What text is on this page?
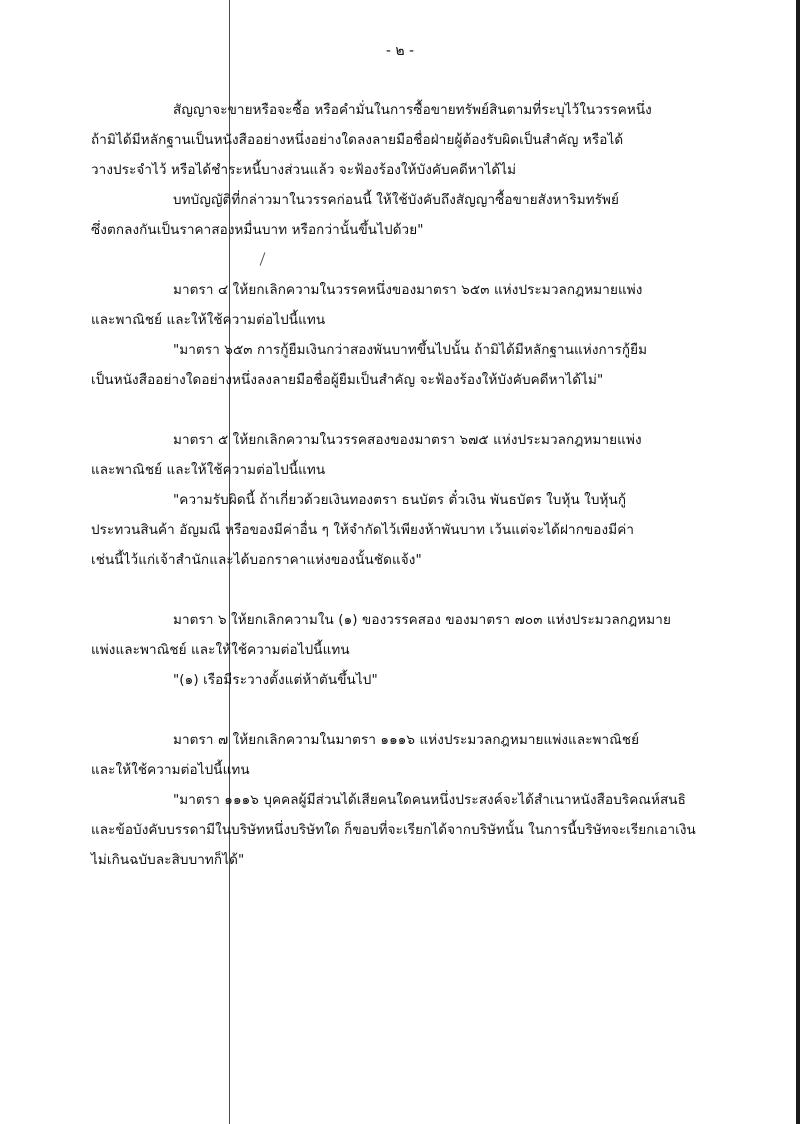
- ๒ -
สัญญาจะขายหรือจะซื้อ หรือคำมั่นในการซื้อขายทรัพย์สินตามที่ระบุไว้ในวรรคหนึ่ง
ถ้ามิได้มีหลักฐานเป็นหนังสืออย่างหนึ่งอย่างใดลงลายมือชื่อฝ่ายผู้ต้องรับผิดเป็นสำคัญ หรือได้
วางประจำไว้ หรือได้ชำระหนี้บางส่วนแล้ว จะฟ้องร้องให้บังคับคดีหาได้ไม่
บทบัญญัติที่กล่าวมาในวรรคก่อนนี้ ให้ใช้บังคับถึงสัญญาซื้อขายสังหาริมทรัพย์
ซึ่งตกลงกันเป็นราคาสองหมื่นบาท หรือกว่านั้นขึ้นไปด้วย"
มาตรา ๔ ให้ยกเลิกความในวรรคหนึ่งของมาตรา ๖๕๓ แห่งประมวลกฎหมายแพ่ง
และพาณิชย์ และให้ใช้ความต่อไปนี้แทน
"มาตรา ๖๕๓ การกู้ยืมเงินกว่าสองพันบาทขึ้นไปนั้น ถ้ามิได้มีหลักฐานแห่งการกู้ยืม
เป็นหนังสืออย่างใดอย่างหนึ่งลงลายมือชื่อผู้ยืมเป็นสำคัญ จะฟ้องร้องให้บังคับคดีหาได้ไม่"
มาตรา ๕ ให้ยกเลิกความในวรรคสองของมาตรา ๖๗๕ แห่งประมวลกฎหมายแพ่ง
และพาณิชย์ และให้ใช้ความต่อไปนี้แทน
"ความรับผิดนี้ ถ้าเกี่ยวด้วยเงินทองตรา ธนบัตร ตั๋วเงิน พันธบัตร ใบหุ้น ใบหุ้นกู้
ประทวนสินค้า อัญมณี หรือของมีค่าอื่น ๆ ให้จำกัดไว้เพียงห้าพันบาท เว้นแต่จะได้ฝากของมีค่า
เช่นนี้ไว้แก่เจ้าสำนักและได้บอกราคาแห่งของนั้นชัดแจ้ง"
มาตรา ๖ ให้ยกเลิกความใน (๑) ของวรรคสอง ของมาตรา ๗๐๓ แห่งประมวลกฎหมาย
แพ่งและพาณิชย์ และให้ใช้ความต่อไปนี้แทน
"(๑) เรือมีระวางตั้งแต่ห้าตันขึ้นไป"
มาตรา ๗ ให้ยกเลิกความในมาตรา ๑๑๑๖ แห่งประมวลกฎหมายแพ่งและพาณิชย์
และให้ใช้ความต่อไปนี้แทน
"มาตรา ๑๑๑๖ บุคคลผู้มีส่วนได้เสียคนใดคนหนึ่งประสงค์จะได้สำเนาหนังสือบริคณห์สนธิ
และข้อบังคับบรรดามีในบริษัทหนึ่งบริษัทใด ก็ขอบที่จะเรียกได้จากบริษัทนั้น ในการนี้บริษัทจะเรียกเอาเงิน
ไม่เกินฉบับละสิบบาทก็ได้"
